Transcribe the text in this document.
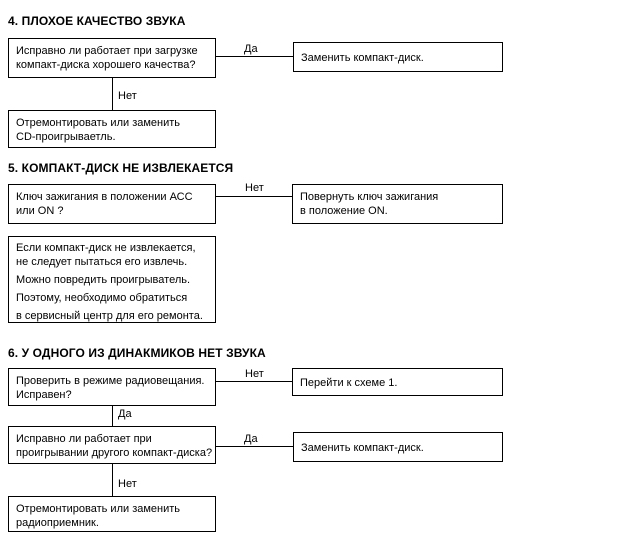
4. ПЛОХОЕ КАЧЕСТВО ЗВУКА
Исправно ли работает при загрузке
компакт-диска хорошего качества?
Да
Заменить компакт-диск.
Нет
Отремонтировать или заменить
CD-проигрываетль.
5. КОМПАКТ-ДИСК НЕ ИЗВЛЕКАЕТСЯ
Ключ зажигания в положении АСС
или ON ?
Нет
Повернуть ключ зажигания
в положение ON.
Если компакт-диск не извлекается,
не следует пытаться его извлечь.
Можно повредить проигрыватель.
Поэтому, необходимо обратиться
в сервисный центр для его ремонта.
6. У ОДНОГО ИЗ ДИНАКМИКОВ НЕТ ЗВУКА
Проверить в режиме радиовещания.
Исправен?
Нет
Перейти к схеме 1.
Да
Исправно ли работает при
проигрывании другого компакт-диска?
Да
Заменить компакт-диск.
Нет
Отремонтировать или заменить
радиоприемник.
